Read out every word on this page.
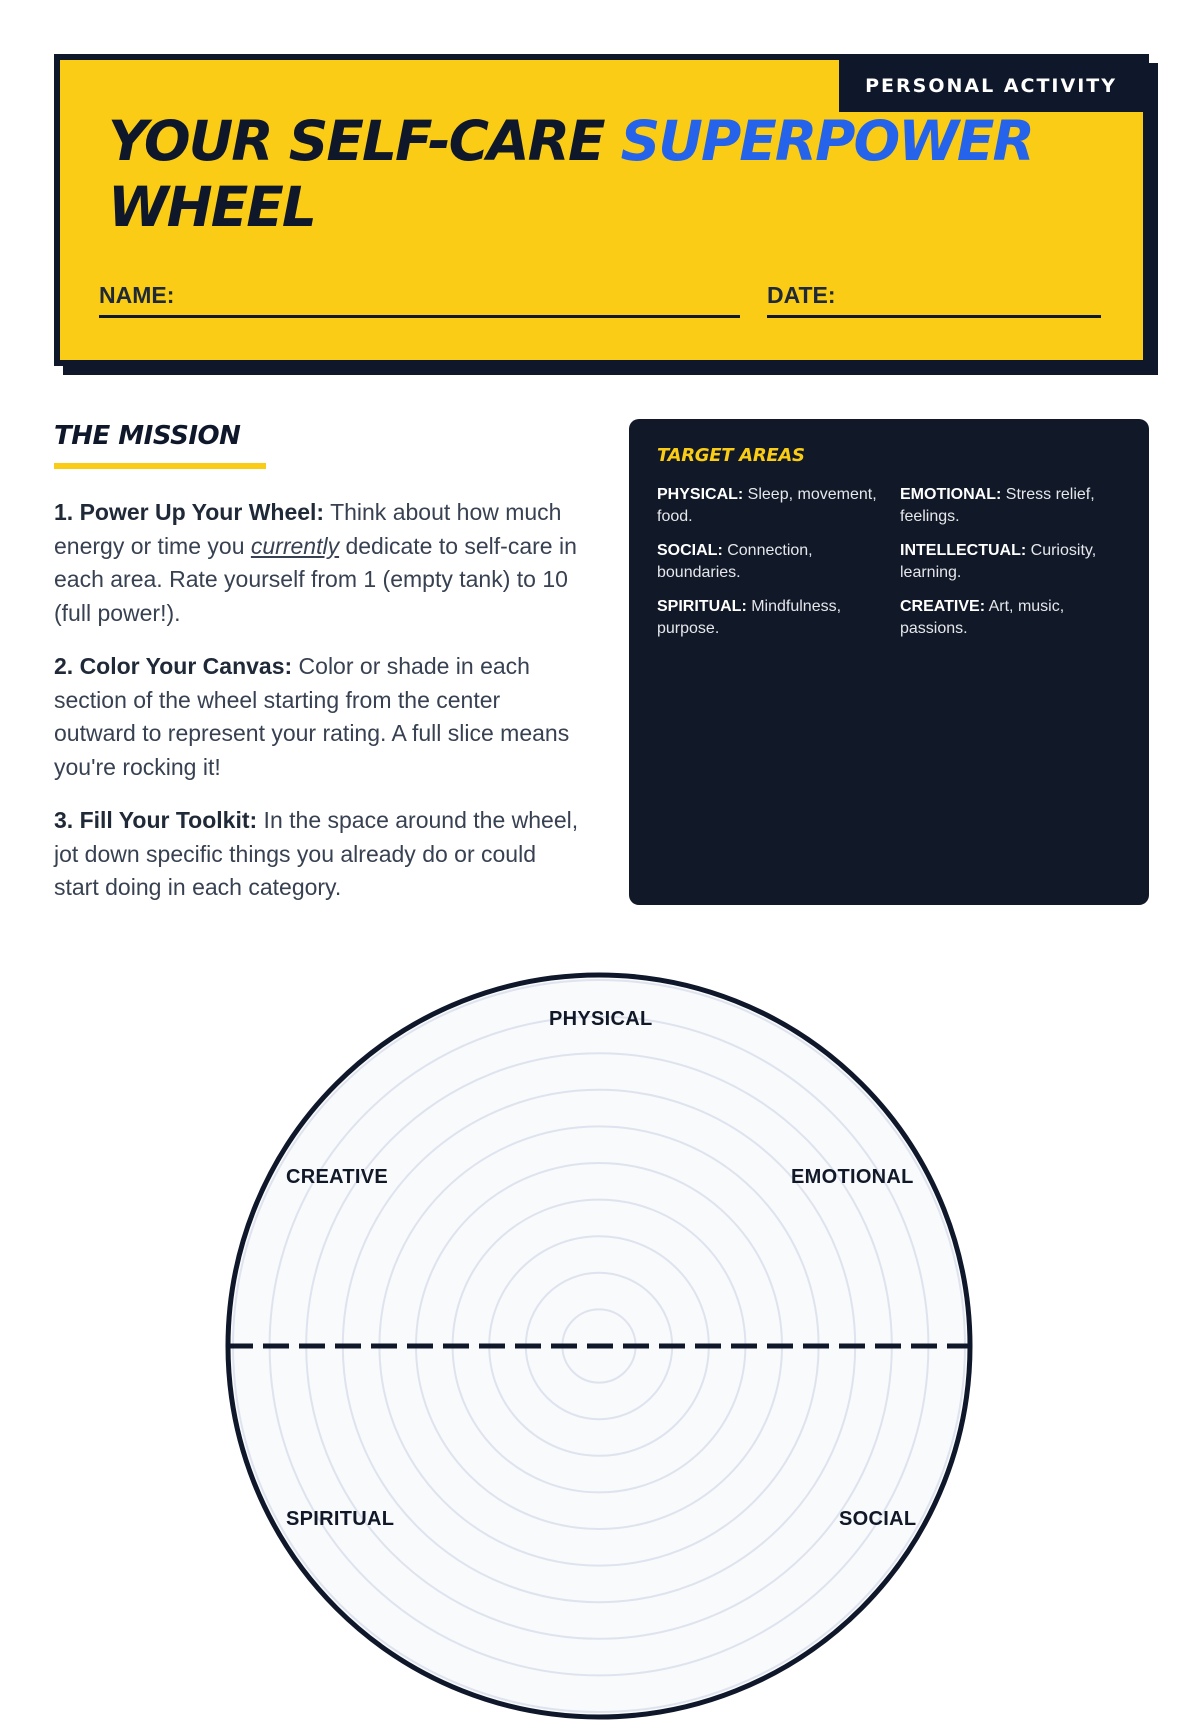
PERSONAL ACTIVITY
YOUR SELF-CARE SUPERPOWER
WHEEL
NAME:	DATE:
THE MISSION

1. Power Up Your Wheel: Think about how much energy or time you currently dedicate to self-care in each area. Rate yourself from 1 (empty tank) to 10 (full power!).

2. Color Your Canvas: Color or shade in each section of the wheel starting from the center outward to represent your rating. A full slice means you're rocking it!

3. Fill Your Toolkit: In the space around the wheel, jot down specific things you already do or could start doing in each category.

TARGET AREAS
PHYSICAL: Sleep, movement, food.
EMOTIONAL: Stress relief, feelings.
SOCIAL: Connection, boundaries.
INTELLECTUAL: Curiosity, learning.
SPIRITUAL: Mindfulness, purpose.
CREATIVE: Art, music, passions.
PHYSICAL
CREATIVE	EMOTIONAL
SPIRITUAL	SOCIAL
